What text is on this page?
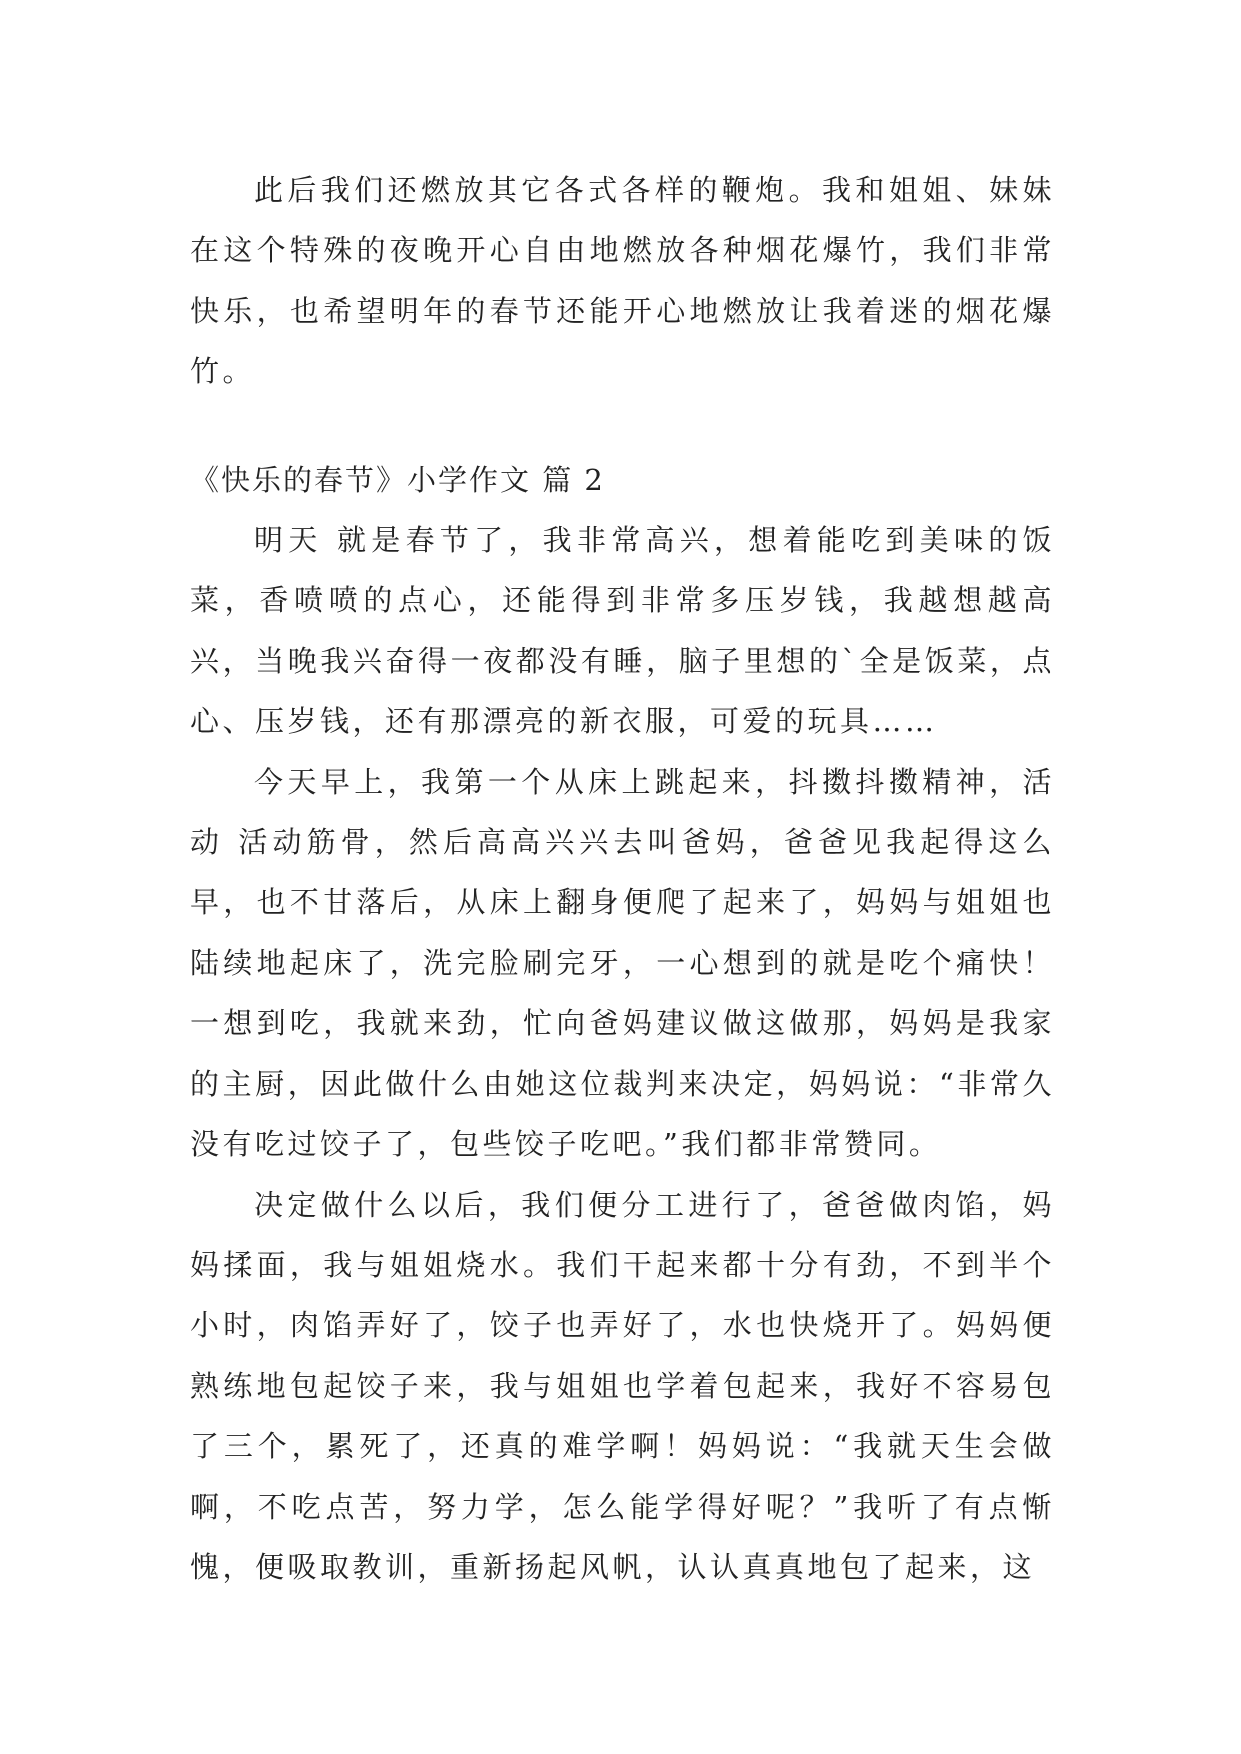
此后我们还燃放其它各式各样的鞭炮。我和姐姐、妹妹在这个特殊的夜晚开心自由地燃放各种烟花爆竹，我们非常快乐，也希望明年的春节还能开心地燃放让我着迷的烟花爆竹。

《快乐的春节》小学作文 篇 2

明天 就是春节了，我非常高兴，想着能吃到美味的饭菜，香喷喷的点心，还能得到非常多压岁钱，我越想越高兴，当晚我兴奋得一夜都没有睡，脑子里想的`全是饭菜，点心、压岁钱，还有那漂亮的新衣服，可爱的玩具……

今天早上，我第一个从床上跳起来，抖擞抖擞精神，活动 活动筋骨，然后高高兴兴去叫爸妈，爸爸见我起得这么早，也不甘落后，从床上翻身便爬了起来了，妈妈与姐姐也陆续地起床了，洗完脸刷完牙，一心想到的就是吃个痛快！一想到吃，我就来劲，忙向爸妈建议做这做那，妈妈是我家的主厨，因此做什么由她这位裁判来决定，妈妈说：“非常久没有吃过饺子了，包些饺子吃吧。”我们都非常赞同。

决定做什么以后，我们便分工进行了，爸爸做肉馅，妈妈揉面，我与姐姐烧水。我们干起来都十分有劲，不到半个小时，肉馅弄好了，饺子也弄好了，水也快烧开了。妈妈便熟练地包起饺子来，我与姐姐也学着包起来，我好不容易包了三个，累死了，还真的难学啊！妈妈说：“我就天生会做啊，不吃点苦，努力学，怎么能学得好呢？”我听了有点惭愧，便吸取教训，重新扬起风帆，认认真真地包了起来，这
